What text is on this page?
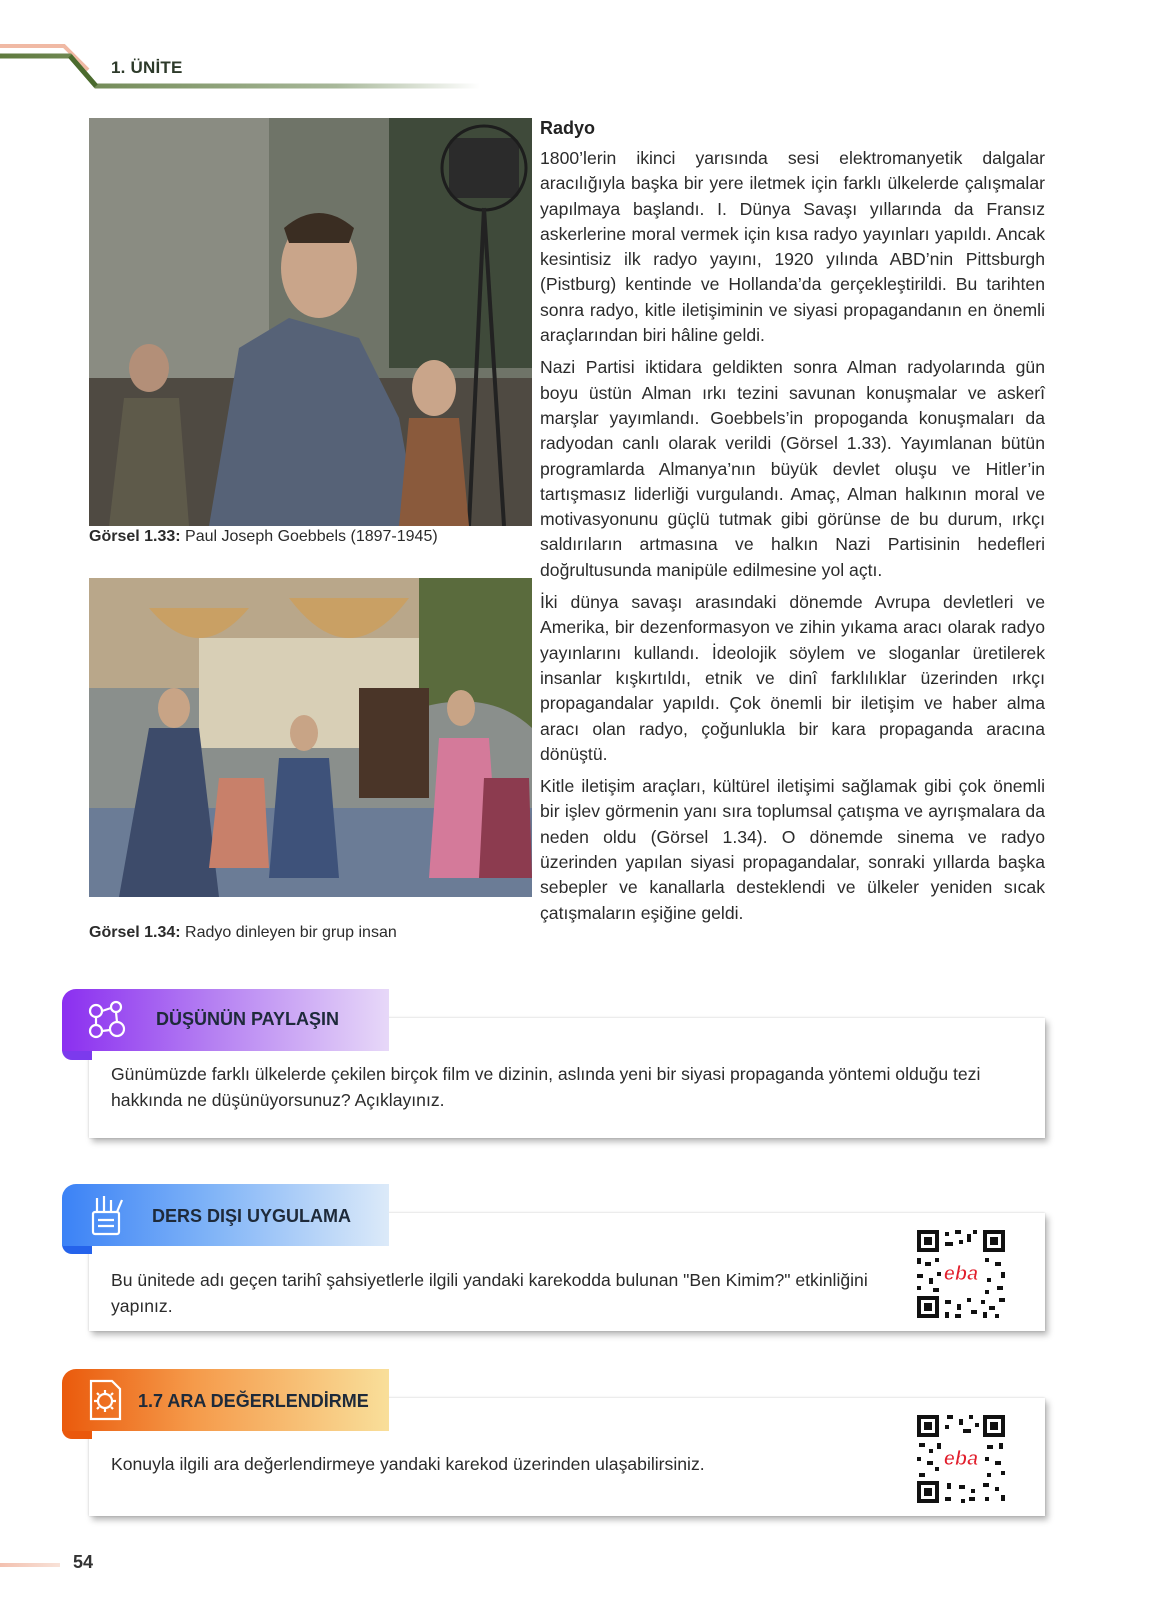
1. ÜNİTE
Görsel 1.33: Paul Joseph Goebbels (1897-1945)
Görsel 1.34: Radyo dinleyen bir grup insan
Radyo

1800’lerin ikinci yarısında sesi elektromanyetik dalgalar aracılığıyla başka bir yere iletmek için farklı ülkelerde çalışmalar yapılmaya başlandı. I. Dünya Savaşı yıllarında da Fransız askerlerine moral vermek için kısa radyo yayınları yapıldı. Ancak kesintisiz ilk radyo yayını, 1920 yılında ABD’nin Pittsburgh (Pistburg) kentinde ve Hollanda’da gerçekleştirildi. Bu tarihten sonra radyo, kitle iletişiminin ve siyasi propagandanın en önemli araçlarından biri hâline geldi.

Nazi Partisi iktidara geldikten sonra Alman radyolarında gün boyu üstün Alman ırkı tezini savunan konuşmalar ve askerî marşlar yayımlandı. Goebbels’in propoganda konuşmaları da radyodan canlı olarak verildi (Görsel 1.33). Yayımlanan bütün programlarda Almanya’nın büyük devlet oluşu ve Hitler’in tartışmasız liderliği vurgulandı. Amaç, Alman halkının moral ve motivasyonunu güçlü tutmak gibi görünse de bu durum, ırkçı saldırıların artmasına ve halkın Nazi Partisinin hedefleri doğrultusunda manipüle edilmesine yol açtı.

İki dünya savaşı arasındaki dönemde Avrupa devletleri ve Amerika, bir dezenformasyon ve zihin yıkama aracı olarak radyo yayınlarını kullandı. İdeolojik söylem ve sloganlar üretilerek insanlar kışkırtıldı, etnik ve dinî farklılıklar üzerinden ırkçı propagandalar yapıldı. Çok önemli bir iletişim ve haber alma aracı olan radyo, çoğunlukla bir kara propaganda aracına dönüştü.

Kitle iletişim araçları, kültürel iletişimi sağlamak gibi çok önemli bir işlev görmenin yanı sıra toplumsal çatışma ve ayrışmalara da neden oldu (Görsel 1.34). O dönemde sinema ve radyo üzerinden yapılan siyasi propagandalar, sonraki yıllarda başka sebepler ve kanallarla desteklendi ve ülkeler yeniden sıcak çatışmaların eşiğine geldi.

Günümüzde farklı ülkelerde çekilen birçok film ve dizinin, aslında yeni bir siyasi propaganda yöntemi olduğu tezi hakkında ne düşünüyorsunuz? Açıklayınız.
DÜŞÜNÜN PAYLAŞIN
Bu ünitede adı geçen tarihî şahsiyetlerle ilgili yandaki karekodda bulunan "Ben Kimim?" etkinliğini yapınız.
DERS DIŞI UYGULAMA
eba
Konuyla ilgili ara değerlendirmeye yandaki karekod üzerinden ulaşabilirsiniz.
1.7 ARA DEĞERLENDİRME
eba
54
